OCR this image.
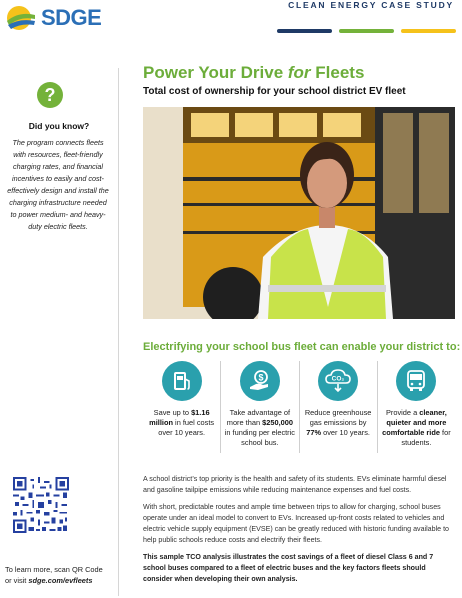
SDGE	CLEAN ENERGY CASE STUDY
?
Did you know?
The program connects fleets with resources, fleet-friendly charging rates, and financial incentives to easily and cost-effectively design and install the charging infrastructure needed to power medium- and heavy-duty electric fleets.
To learn more, scan QR Code
or visit sdge.com/evfleets
Power Your Drive for Fleets
Total cost of ownership for your school district EV fleet
Electrifying your school bus fleet can enable your district to:
Save up to $1.16 million in fuel costs over 10 years.
$
Take advantage of more than $250,000 in funding per electric school bus.
CO₂
Reduce greenhouse gas emissions by 77% over 10 years.
Provide a cleaner, quieter and more comfortable ride for students.

A school district’s top priority is the health and safety of its students. EVs eliminate harmful diesel and gasoline tailpipe emissions while reducing maintenance expenses and fuel costs.

With short, predictable routes and ample time between trips to allow for charging, school buses operate under an ideal model to convert to EVs. Increased up-front costs related to vehicles and electric vehicle supply equipment (EVSE) can be greatly reduced with historic funding available to help public schools reduce costs and electrify their fleets.

This sample TCO analysis illustrates the cost savings of a fleet of diesel Class 6 and 7 school buses compared to a fleet of electric buses and the key factors fleets should consider when developing their own analysis.
